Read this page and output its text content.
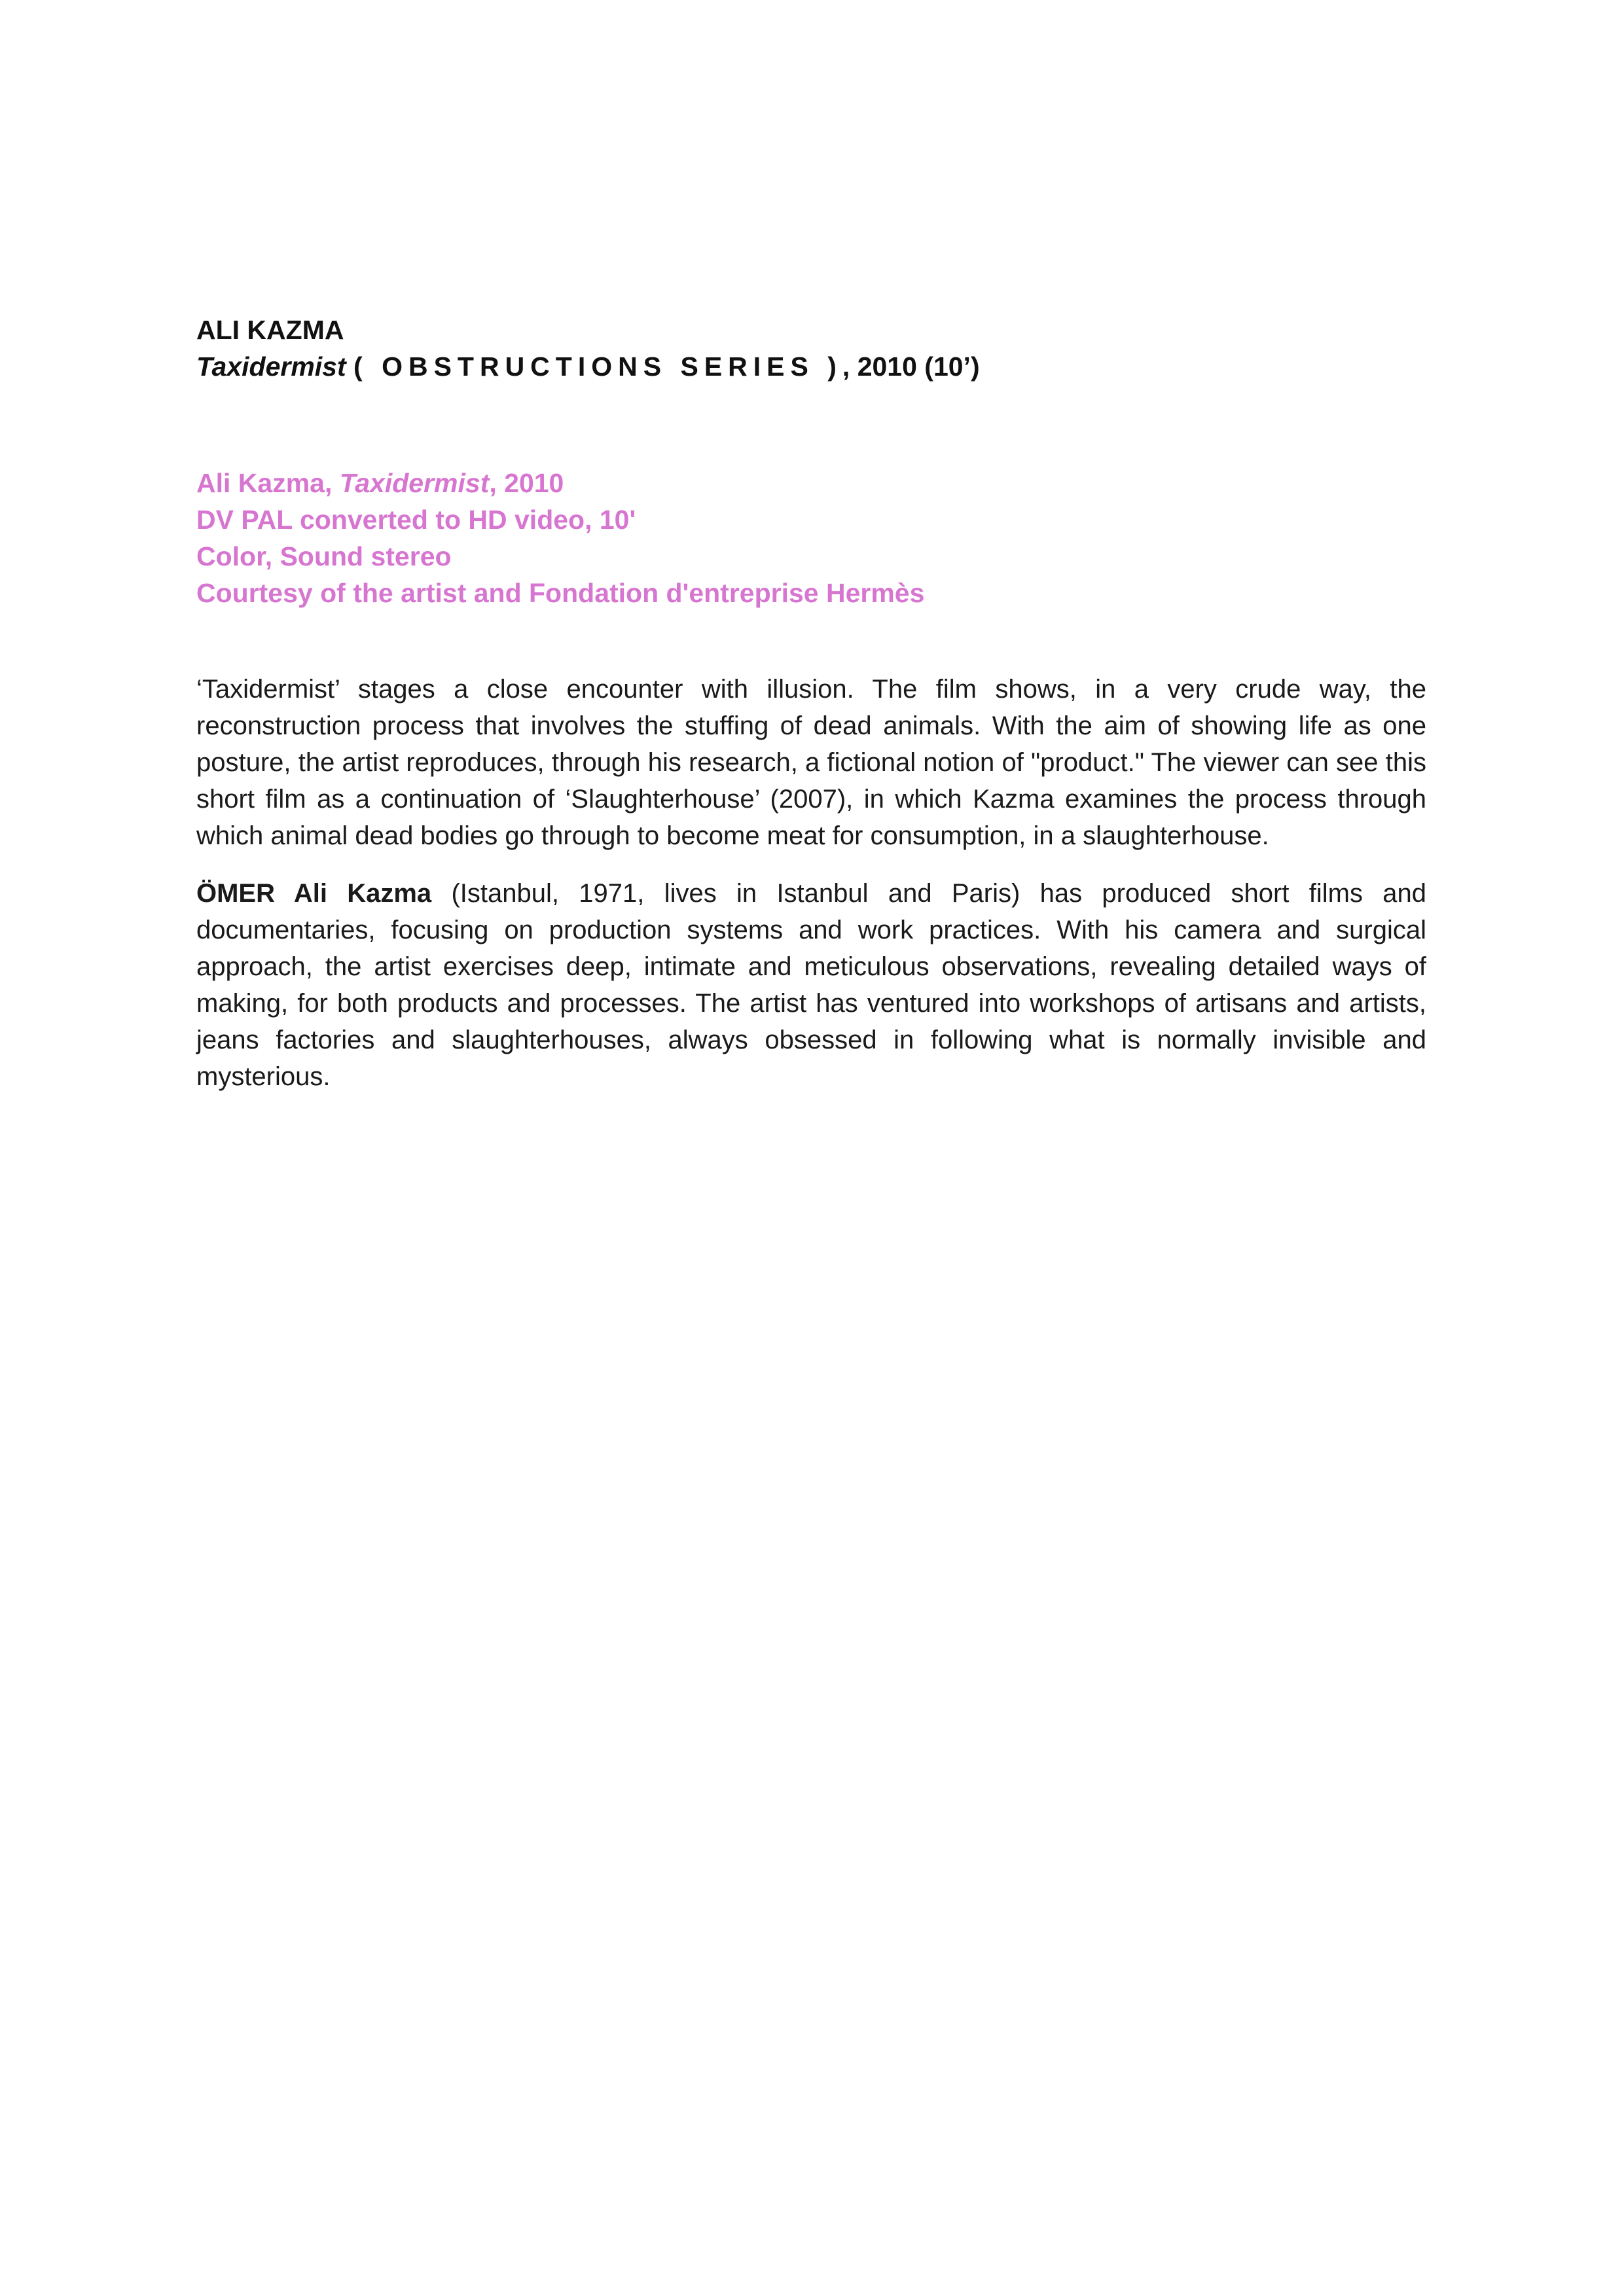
ALI KAZMA
Taxidermist ( OBSTRUCTIONS SERIES ), 2010 (10’)
Ali Kazma, Taxidermist, 2010
DV PAL converted to HD video, 10'
Color, Sound stereo
Courtesy of the artist and Fondation d'entreprise Hermès

‘Taxidermist’ stages a close encounter with illusion. The film shows, in a very crude way, the reconstruction process that involves the stuffing of dead animals. With the aim of showing life as one posture, the artist reproduces, through his research, a fictional notion of "product." The viewer can see this short film as a continuation of ‘Slaughterhouse’ (2007), in which Kazma examines the process through which animal dead bodies go through to become meat for consumption, in a slaughterhouse.

ÖMER Ali Kazma (Istanbul, 1971, lives in Istanbul and Paris) has produced short films and documentaries, focusing on production systems and work practices. With his camera and surgical approach, the artist exercises deep, intimate and meticulous observations, revealing detailed ways of making, for both products and processes. The artist has ventured into workshops of artisans and artists, jeans factories and slaughterhouses, always obsessed in following what is normally invisible and mysterious.
